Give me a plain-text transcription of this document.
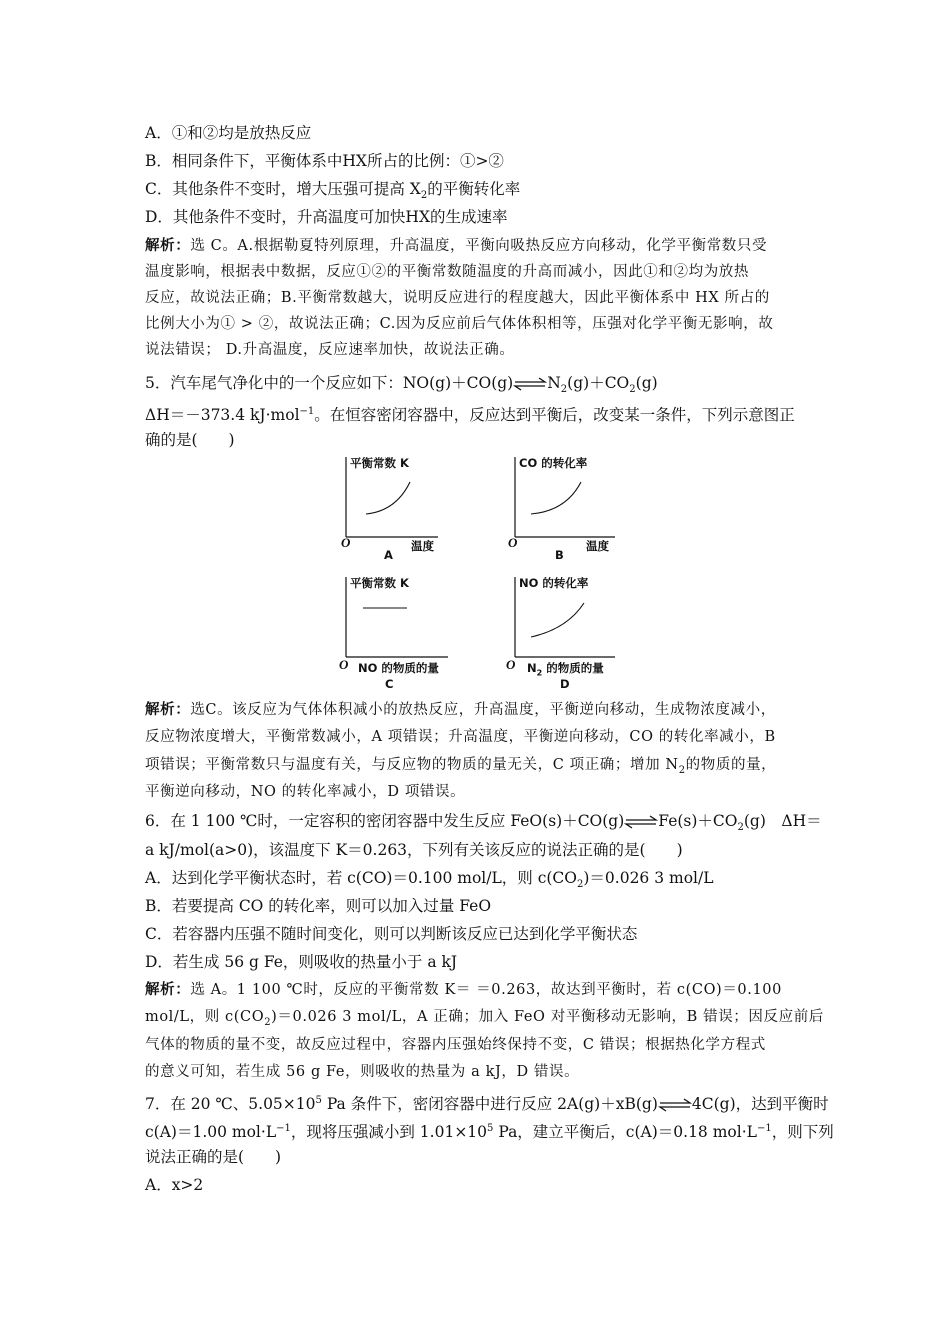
A．①和②均是放热反应
B．相同条件下，平衡体系中HX所占的比例：①>②
C．其他条件不变时，增大压强可提高 $X_2$的平衡转化率
D．其他条件不变时，升高温度可加快HX的生成速率
解析：选 C。A.根据勒夏特列原理，升高温度，平衡向吸热反应方向移动，化学平衡常数只受
温度影响，根据表中数据，反应①②的平衡常数随温度的升高而减小，因此①和②均为放热
反应，故说法正确；B.平衡常数越大，说明反应进行的程度越大，因此平衡体系中 HX 所占的
比例大小为① > ②，故说法正确；C.因为反应前后气体体积相等，压强对化学平衡无影响，故
说法错误； D.升高温度，反应速率加快，故说法正确。
5．汽车尾气净化中的一个反应如下：$NO(g)+CO(g)\rightleftharpoons N_2(g)+CO_2(g)$
ΔH＝－373.4 kJ·mol$^{-1}$。在恒容密闭容器中，反应达到平衡后，改变某一条件，下列示意图正
确的是(　　)
平衡常数 K
O	温度
A
CO 的转化率
O	温度
B
平衡常数 K
O NO 的物质的量
C
NO 的转化率
O $N_2$ 的物质的量
D
解析：选C。该反应为气体体积减小的放热反应，升高温度，平衡逆向移动，生成物浓度减小，
反应物浓度增大，平衡常数减小，A 项错误；升高温度，平衡逆向移动，CO 的转化率减小，B
项错误；平衡常数只与温度有关，与反应物的物质的量无关，C 项正确；增加 $N_2$的物质的量，
平衡逆向移动，NO 的转化率减小，D 项错误。
6．在 1 100 ℃时，一定容积的密闭容器中发生反应 $FeO(s)+CO(g)\rightleftharpoons Fe(s)+CO_2(g)$　ΔH＝
a kJ/mol(a>0)，该温度下 K＝0.263，下列有关该反应的说法正确的是(　　)
A．达到化学平衡状态时，若 c(CO)＝0.100 mol/L，则 $c(CO_2)=0.026$ 3 mol/L
B．若要提高 CO 的转化率，则可以加入过量 FeO
C．若容器内压强不随时间变化，则可以判断该反应已达到化学平衡状态
D．若生成 56 g Fe，则吸收的热量小于 a kJ
解析：选 A。1 100 ℃时，反应的平衡常数 K＝ ＝0.263，故达到平衡时，若 c(CO)＝0.100
mol/L，则 $c(CO_2)=0.026$ 3 mol/L，A 正确；加入 FeO 对平衡移动无影响，B 错误；因反应前后
气体的物质的量不变，故反应过程中，容器内压强始终保持不变，C 错误；根据热化学方程式
的意义可知，若生成 56 g Fe，则吸收的热量为 a kJ，D 错误。
7．在 20 ℃、$5.05\times 10^5$ Pa 条件下，密闭容器中进行反应 2A(g)＋xB(g)⇌4C(g)，达到平衡时
c(A)＝1.00 $mol\cdot L^{-1}$，现将压强减小到 $1.01\times 10^5$ Pa，建立平衡后，c(A)＝0.18 $mol\cdot L^{-1}$，则下列
说法正确的是(　　)
A．x>2
